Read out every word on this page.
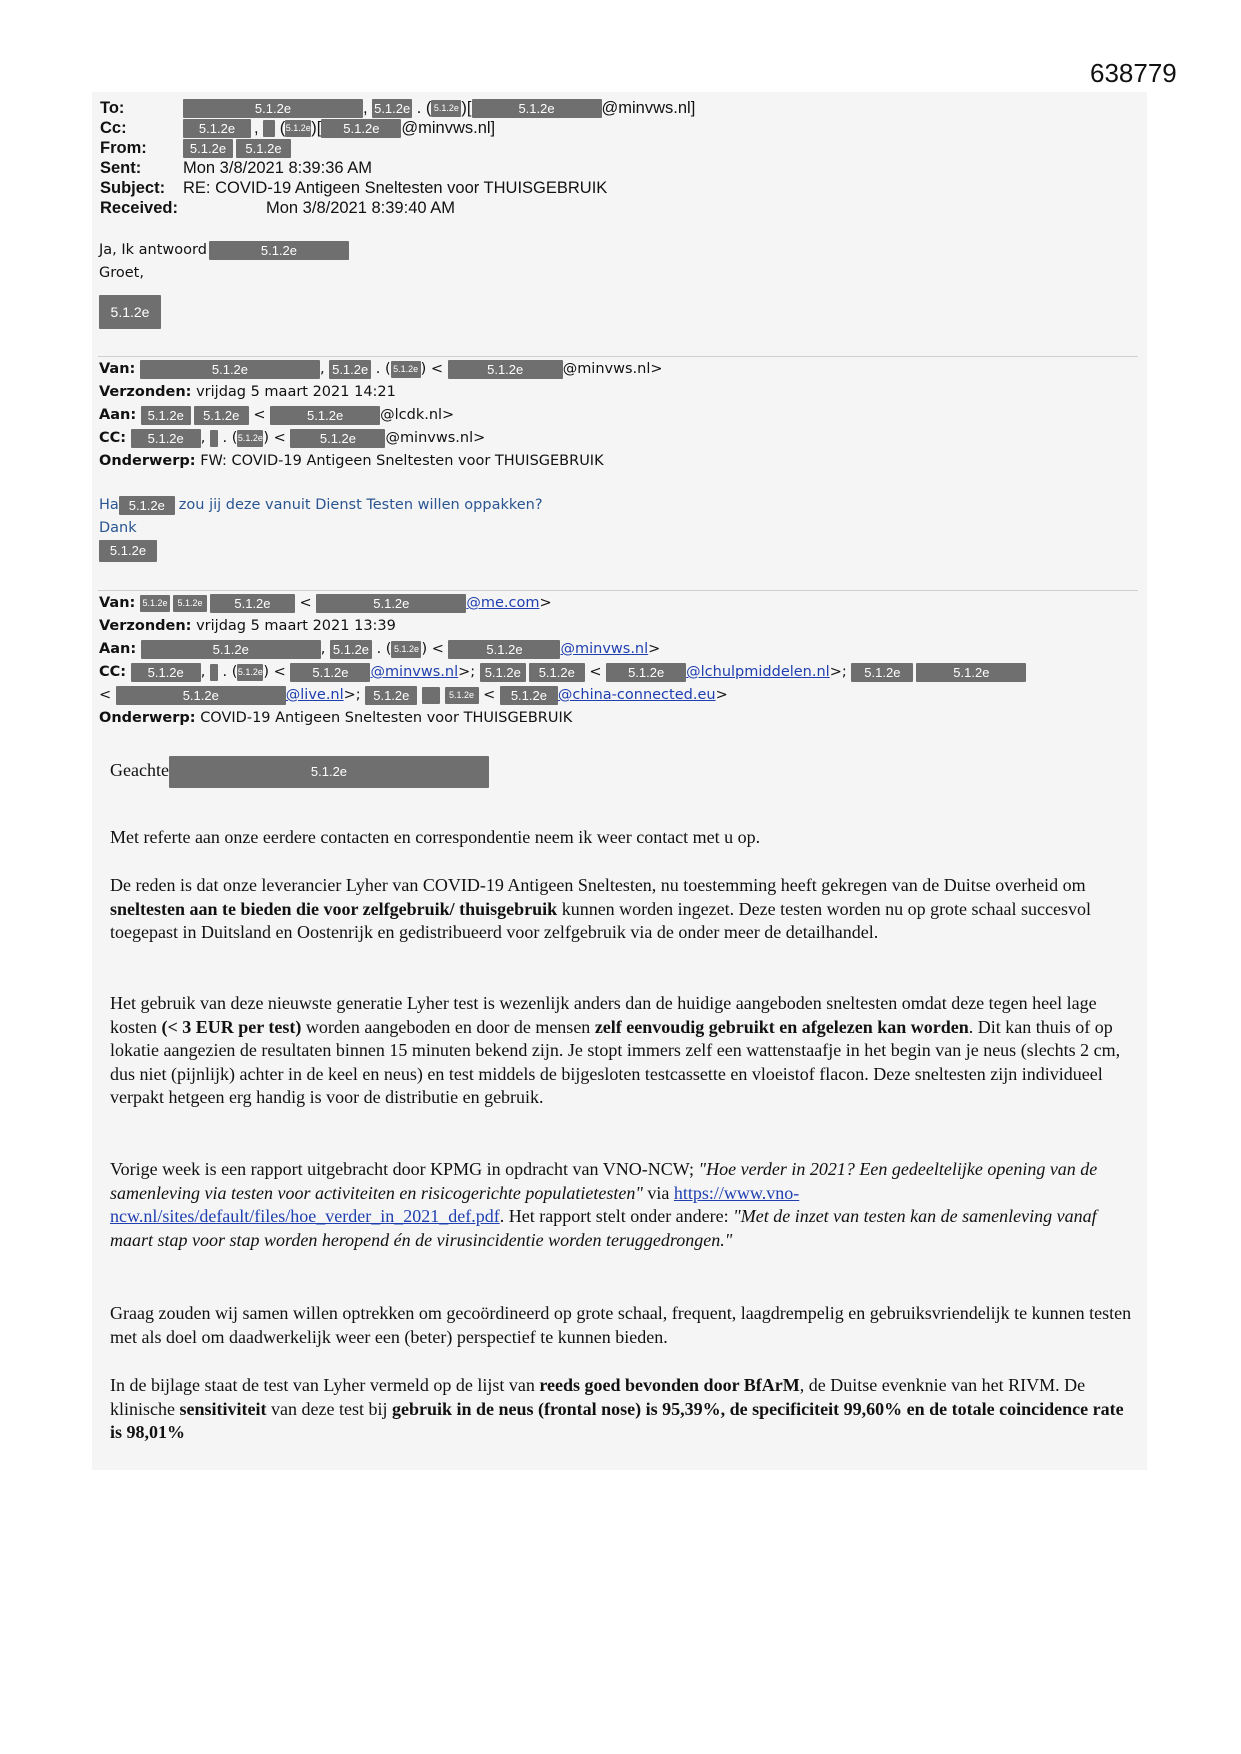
638779
To:	5.1.2e	, 5.1.2e . ( 5.1.2e )[	5.1.2e	@minvws.nl]
Cc:	5.1.2e ,  (5.1.2e)[ 5.1.2e @minvws.nl]
From:	5.1.2e 5.1.2e
Sent:	Mon 3/8/2021 8:39:36 AM
Subject: RE: COVID-19 Antigeen Sneltesten voor THUISGEBRUIK
Received:	Mon 3/8/2021 8:39:40 AM
Ja, Ik antwoord	5.1.2e
Groet,
5.1.2e
Van:	5.1.2e	, 5.1.2e . ( 5.1.2e ) <	5.1.2e	@minvws.nl>
Verzonden: vrijdag 5 maart 2021 14:21
Aan: 5.1.2e 5.1.2e <	5.1.2e	@lcdk.nl>
CC: 5.1.2e ,  . (5.1.2e) < 5.1.2e @minvws.nl>
Onderwerp: FW: COVID-19 Antigeen Sneltesten voor THUISGEBRUIK
Ha 5.1.2e zou jij deze vanuit Dienst Testen willen oppakken?
Dank
5.1.2e
Van: 5.1.2e 5.1.2e 5.1.2e <	5.1.2e	@me.com>
Verzonden: vrijdag 5 maart 2021 13:39
Aan:	5.1.2e	, 5.1.2e . ( 5.1.2e ) <	5.1.2e	@minvws.nl>
CC: 5.1.2e ,  . (5.1.2e) < 5.1.2e @minvws.nl>; 5.1.2e 5.1.2e < 5.1.2e @lchulpmiddelen.nl>; 5.1.2e	5.1.2e
<	5.1.2e	@live.nl>; 5.1.2e	5.1.2e < 5.1.2e @china-connected.eu>
Onderwerp: COVID-19 Antigeen Sneltesten voor THUISGEBRUIK
Geachte	5.1.2e

Met referte aan onze eerdere contacten en correspondentie neem ik weer contact met u op.

De reden is dat onze leverancier Lyher van COVID-19 Antigeen Sneltesten, nu toestemming heeft gekregen van de Duitse overheid om sneltesten aan te bieden die voor zelfgebruik/ thuisgebruik kunnen worden ingezet. Deze testen worden nu op grote schaal succesvol toegepast in Duitsland en Oostenrijk en gedistribueerd voor zelfgebruik via de onder meer de detailhandel.

Het gebruik van deze nieuwste generatie Lyher test is wezenlijk anders dan de huidige aangeboden sneltesten omdat deze tegen heel lage kosten (< 3 EUR per test) worden aangeboden en door de mensen zelf eenvoudig gebruikt en afgelezen kan worden. Dit kan thuis of op lokatie aangezien de resultaten binnen 15 minuten bekend zijn. Je stopt immers zelf een wattenstaafje in het begin van je neus (slechts 2 cm, dus niet (pijnlijk) achter in de keel en neus) en test middels de bijgesloten testcassette en vloeistof flacon. Deze sneltesten zijn individueel verpakt hetgeen erg handig is voor de distributie en gebruik.

Vorige week is een rapport uitgebracht door KPMG in opdracht van VNO-NCW; "Hoe verder in 2021? Een gedeeltelijke opening van de samenleving via testen voor activiteiten en risicogerichte populatietesten" via https://www.vno-ncw.nl/sites/default/files/hoe_verder_in_2021_def.pdf. Het rapport stelt onder andere: "Met de inzet van testen kan de samenleving vanaf maart stap voor stap worden heropend én de virusincidentie worden teruggedrongen."

Graag zouden wij samen willen optrekken om gecoördineerd op grote schaal, frequent, laagdrempelig en gebruiksvriendelijk te kunnen testen met als doel om daadwerkelijk weer een (beter) perspectief te kunnen bieden.

In de bijlage staat de test van Lyher vermeld op de lijst van reeds goed bevonden door BfArM, de Duitse evenknie van het RIVM. De klinische sensitiviteit van deze test bij gebruik in de neus (frontal nose) is 95,39%, de specificiteit 99,60% en de totale coincidence rate is 98,01%
